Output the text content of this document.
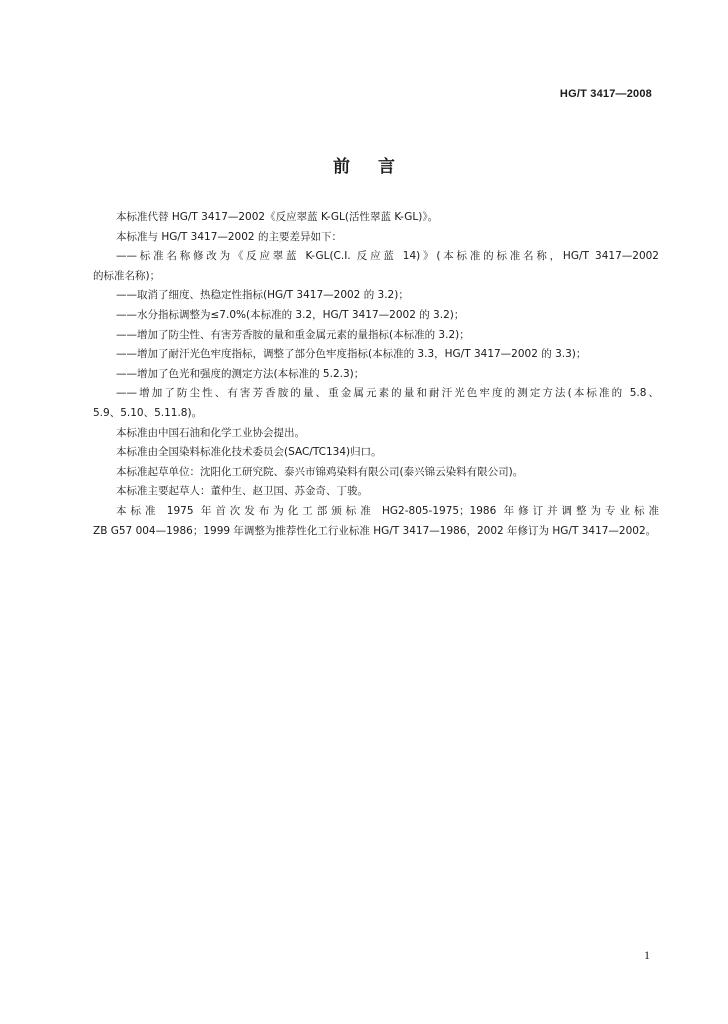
HG/T 3417—2008
前言

本标准代替 HG/T 3417—2002《反应翠蓝 K-GL(活性翠蓝 K-GL)》。

本标准与 HG/T 3417—2002 的主要差异如下：

——标准名称修改为《反应翠蓝 K-GL(C.I. 反应蓝 14)》(本标准的标准名称，HG/T 3417—2002

的标准名称)；

——取消了细度、热稳定性指标(HG/T 3417—2002 的 3.2)；

——水分指标调整为≤7.0%(本标准的 3.2，HG/T 3417—2002 的 3.2)；

——增加了防尘性、有害芳香胺的量和重金属元素的量指标(本标准的 3.2)；

——增加了耐汗光色牢度指标，调整了部分色牢度指标(本标准的 3.3，HG/T 3417—2002 的 3.3)；

——增加了色光和强度的测定方法(本标准的 5.2.3)；

——增加了防尘性、有害芳香胺的量、重金属元素的量和耐汗光色牢度的测定方法(本标准的 5.8、

5.9、5.10、5.11.8)。

本标准由中国石油和化学工业协会提出。

本标准由全国染料标准化技术委员会(SAC/TC134)归口。

本标准起草单位：沈阳化工研究院、泰兴市锦鸡染料有限公司(泰兴锦云染料有限公司)。

本标准主要起草人：董仲生、赵卫国、苏金奇、丁骏。

本标准 1975 年首次发布为化工部颁标准 HG2-805-1975；1986 年修订并调整为专业标准

ZB G57 004—1986；1999 年调整为推荐性化工行业标准 HG/T 3417—1986，2002 年修订为 HG/T 3417—2002。

1
